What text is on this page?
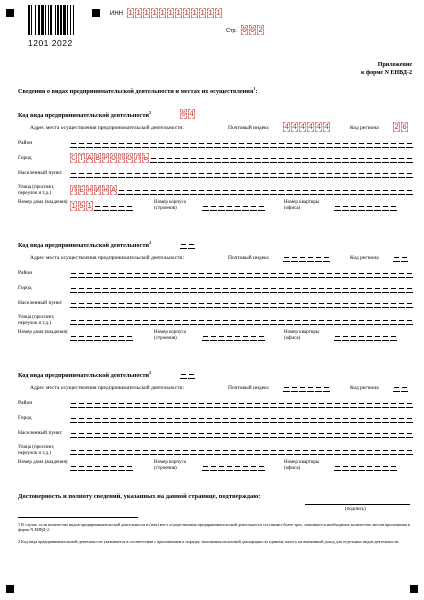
1201 2022
ИНН 1 1 1 1 1 1 1 1 1 1 1 1
Стр. 0 0 2
Приложение
к форме N ЕНВД-2
Сведения о видах предпринимательской деятельности и местах их осуществления$^1$:
Код вида предпринимательской деятельности$^2$	0 4
Адрес места осуществления предпринимательской деятельности:	Почтовый индекс 4 4 4 4 4 4	Код региона 2 6
Район
Город	С Т А В Р О П О Л Ь
Населенный пункт
Улица (проспект, переулок и т.д.)	Л Е Н И Н А
Номер дома (владения) 1 5 1	Номер корпуса (строения)
Номер квартиры (офиса)
Код вида предпринимательской деятельности$^2$
Адрес места осуществления предпринимательской деятельности:	Почтовый индекс	Код региона
Район
Город
Населенный пункт
Улица (проспект, переулок и т.д.)
Номер дома (владения)	Номер корпуса (строения)
Номер квартиры (офиса)
Код вида предпринимательской деятельности$^2$
Адрес места осуществления предпринимательской деятельности:	Почтовый индекс	Код региона
Район
Город
Населенный пункт
Улица (проспект, переулок и т.д.)
Номер дома (владения)	Номер корпуса (строения)
Номер квартиры (офиса)
Достоверность и полноту сведений, указанных на данной странице, подтверждаю:
(подпись)
1 В случае, если количество видов предпринимательской деятельности и (или) мест осуществления предпринимательской деятельности составляет более трех, заполняется необходимое количество листов приложения к форме N ЕНВД-2.
2 Код вида предпринимательской деятельности указывается в соответствии с приложением к порядку заполнения налоговой декларации по единому налогу на вмененный доход для отдельных видов деятельности.
